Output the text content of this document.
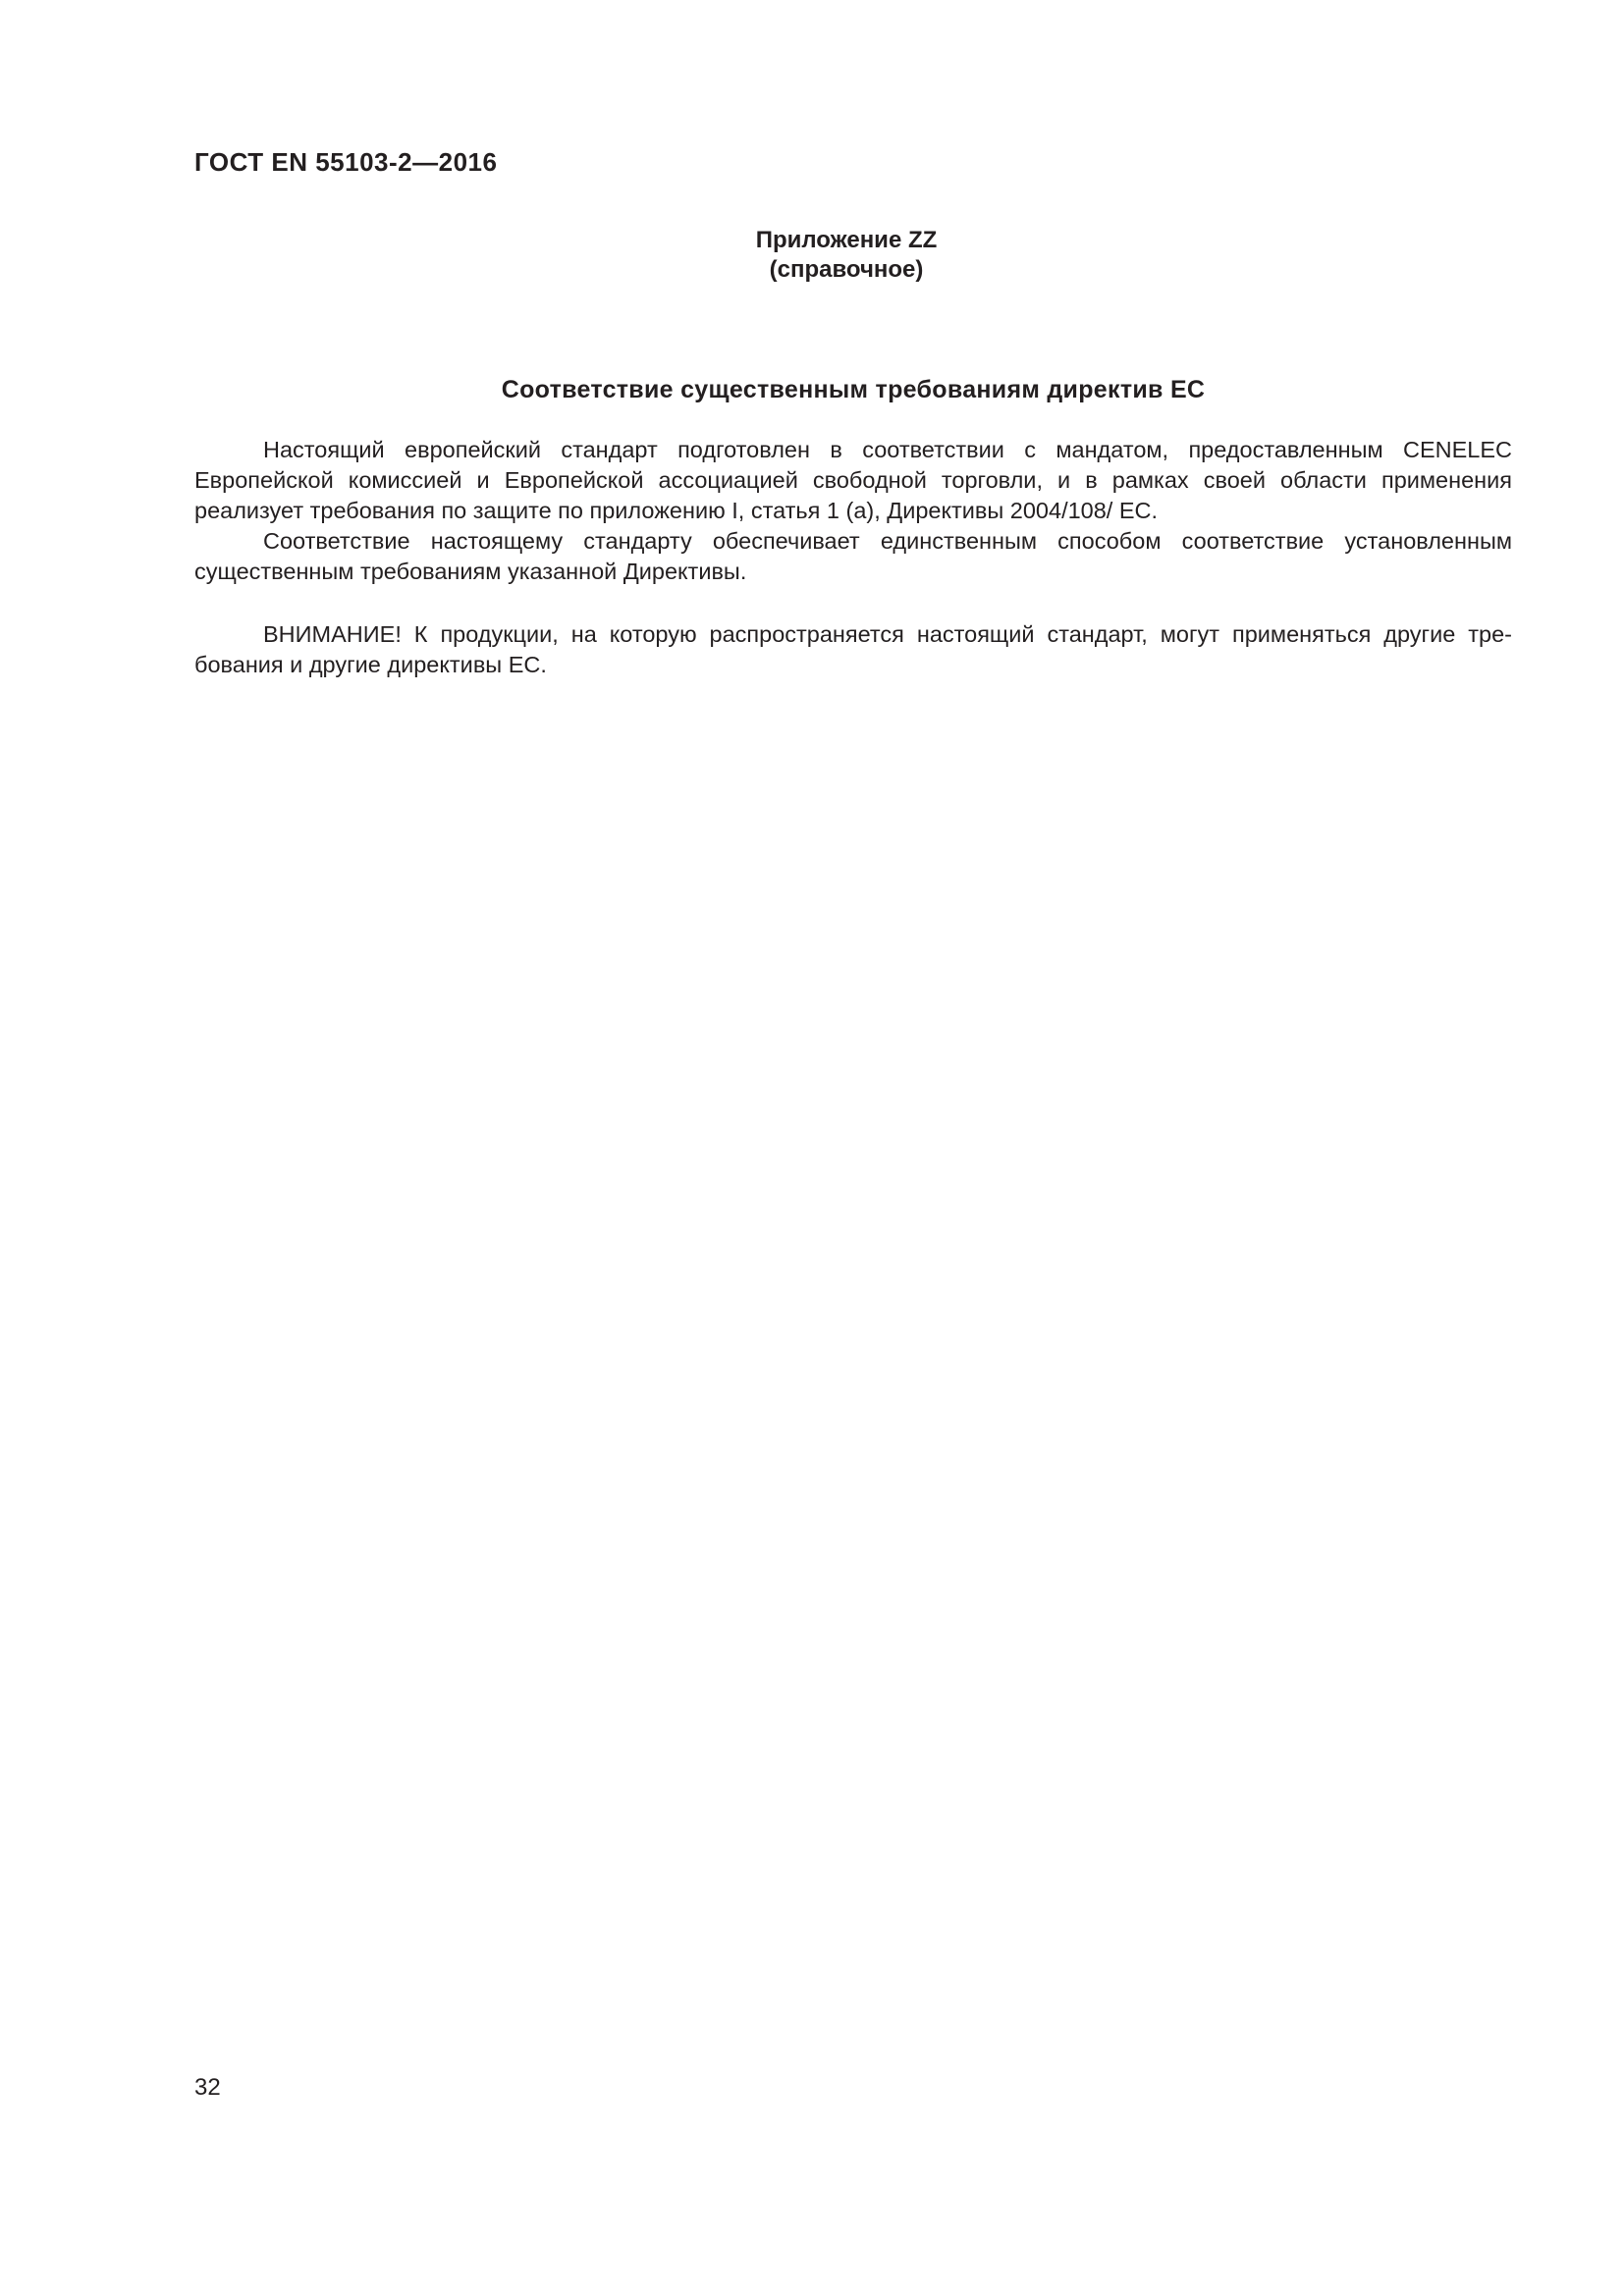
ГОСТ EN 55103-2—2016
Приложение ZZ
(справочное)
Соответствие существенным требованиям директив ЕС

Настоящий европейский стандарт подготовлен в соответствии с мандатом, предоставленным CENELEC Европейской комиссией и Европейской ассоциацией свободной торговли, и в рамках своей области применения реализует требования по защите по приложению I, статья 1 (a), Директивы 2004/108/ ЕС.

Соответствие настоящему стандарту обеспечивает единственным способом соответствие установленным существенным требованиям указанной Директивы.

ВНИМАНИЕ! К продукции, на которую распространяется настоящий стандарт, могут применяться другие тре-бования и другие директивы ЕС.

32
